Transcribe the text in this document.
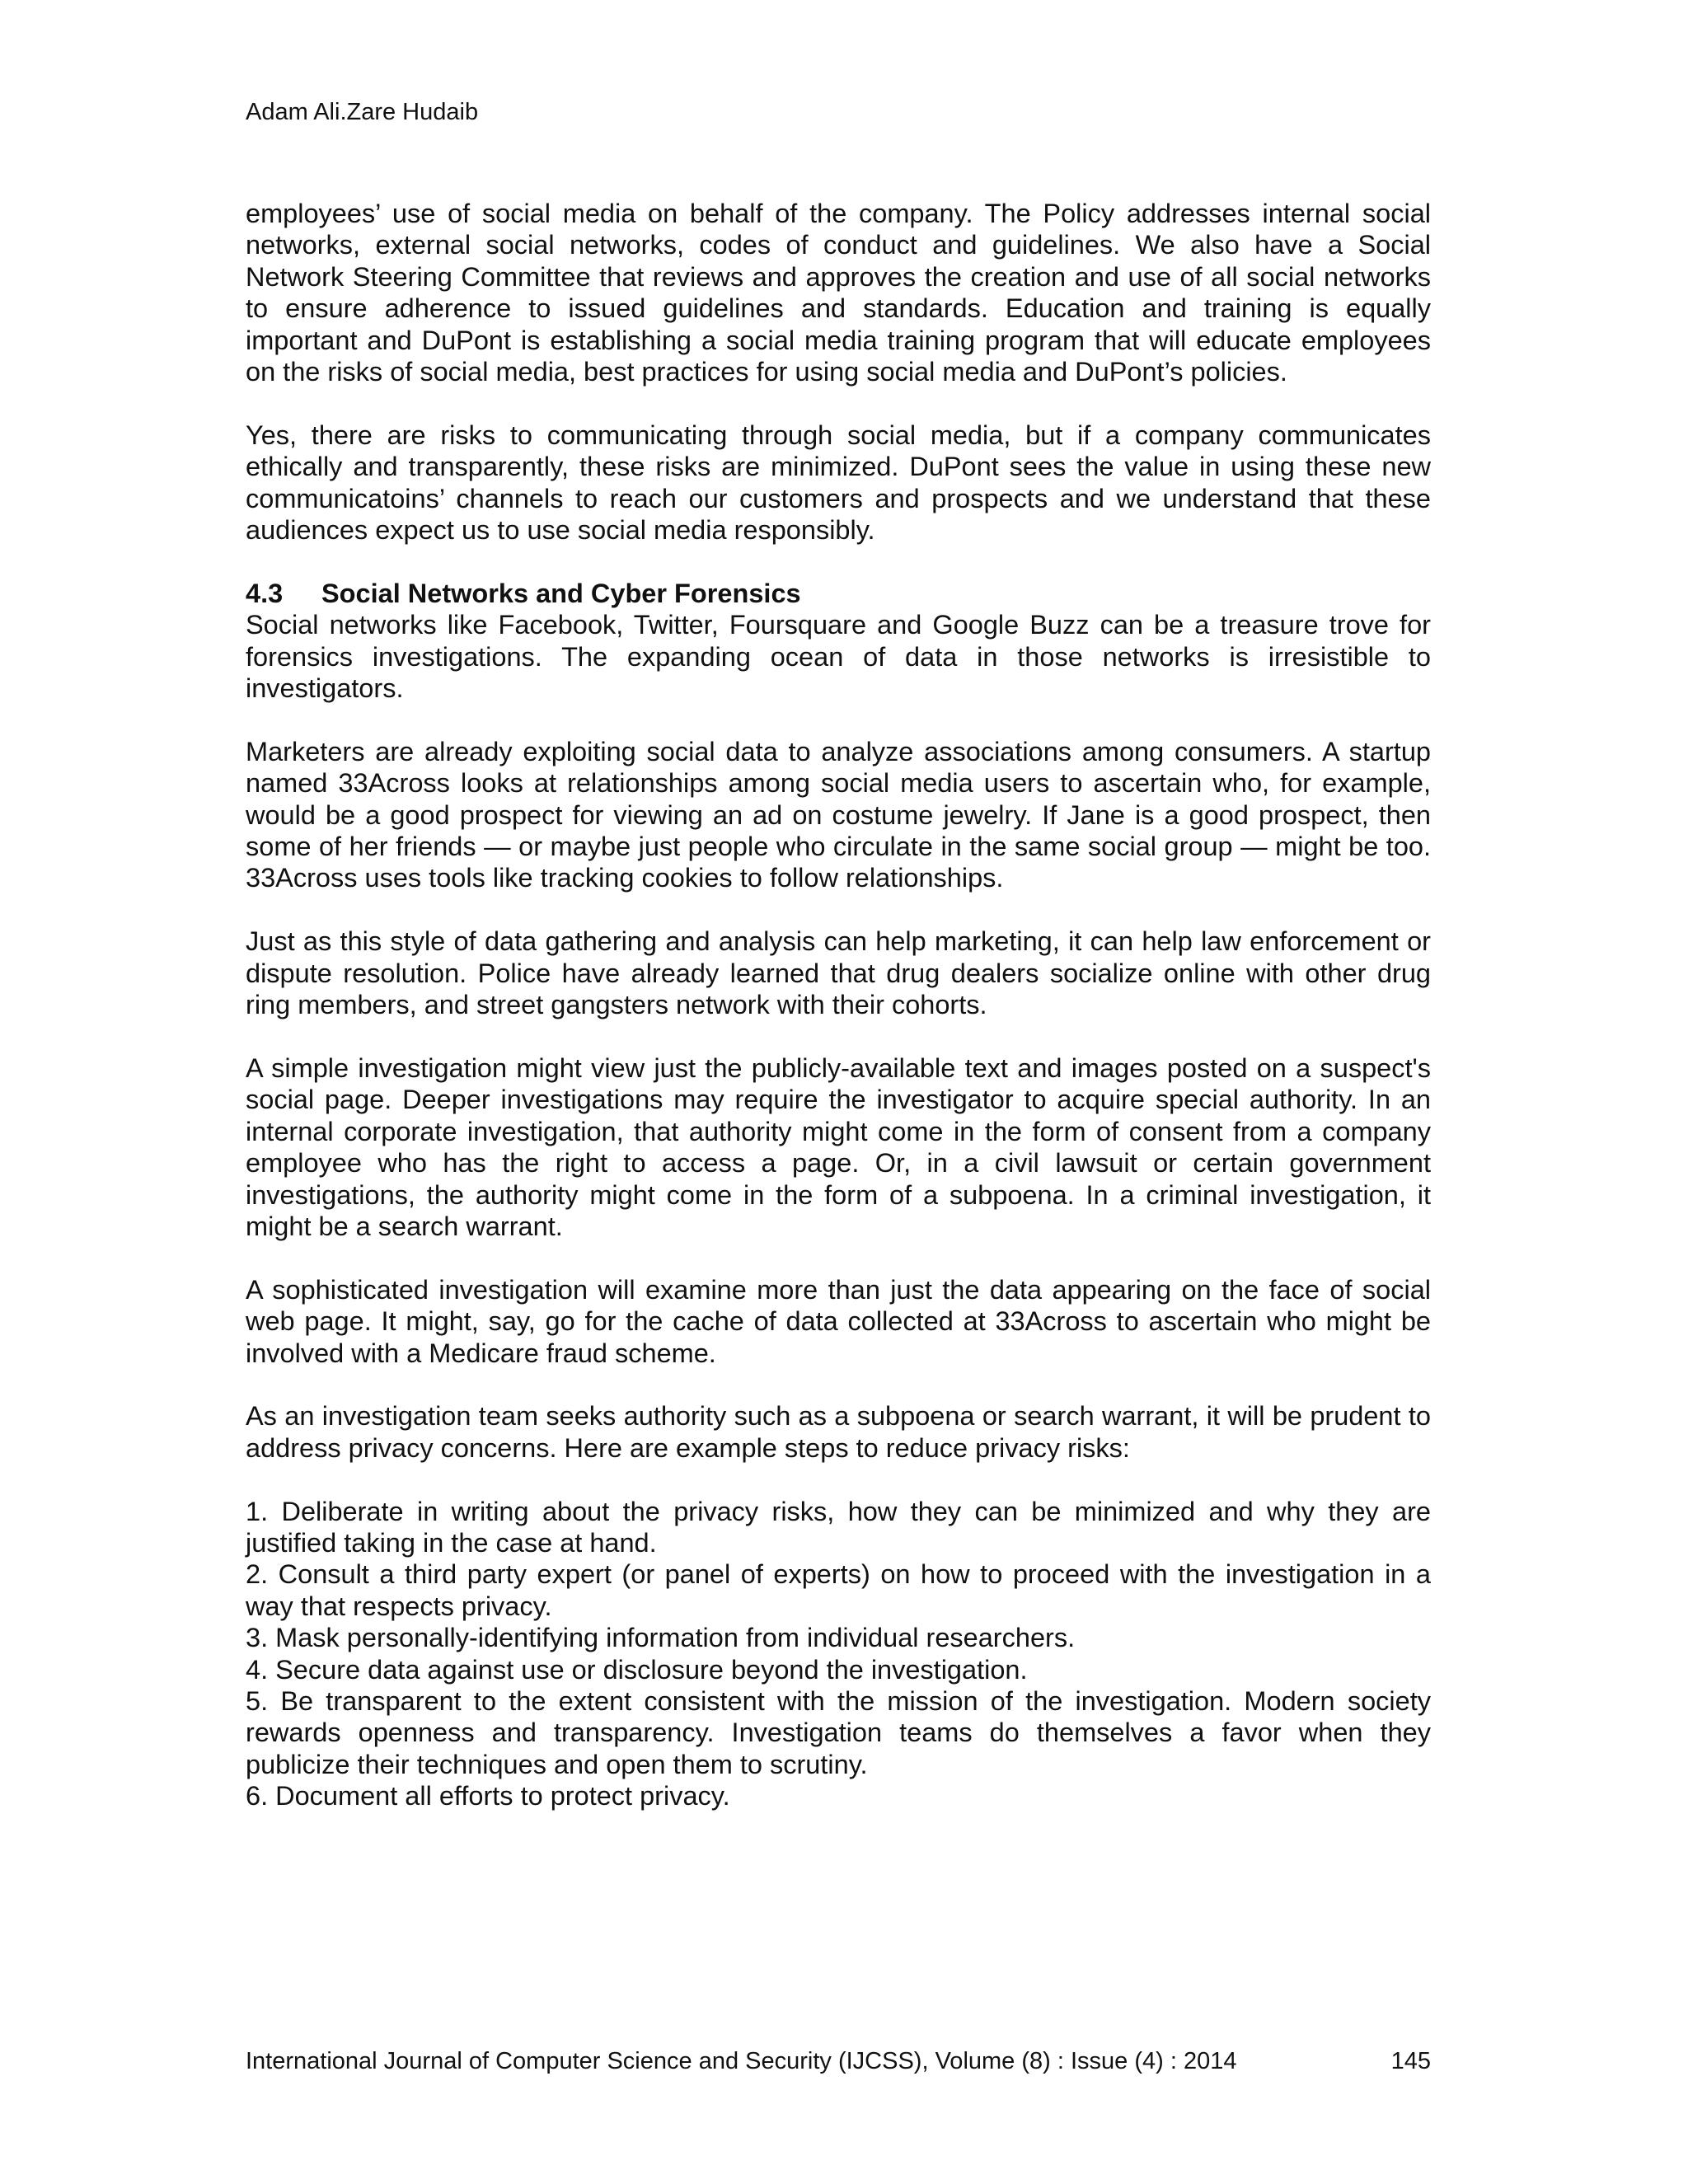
Adam Ali.Zare Hudaib

employees’ use of social media on behalf of the company. The Policy addresses internal social networks, external social networks, codes of conduct and guidelines. We also have a Social Network Steering Committee that reviews and approves the creation and use of all social networks to ensure adherence to issued guidelines and standards. Education and training is equally important and DuPont is establishing a social media training program that will educate employees on the risks of social media, best practices for using social media and DuPont’s policies.

Yes, there are risks to communicating through social media, but if a company communicates ethically and transparently, these risks are minimized. DuPont sees the value in using these new communicatoins’ channels to reach our customers and prospects and we understand that these audiences expect us to use social media responsibly.

4.3 Social Networks and Cyber Forensics

Social networks like Facebook, Twitter, Foursquare and Google Buzz can be a treasure trove for forensics investigations. The expanding ocean of data in those networks is irresistible to investigators.

Marketers are already exploiting social data to analyze associations among consumers. A startup named 33Across looks at relationships among social media users to ascertain who, for example, would be a good prospect for viewing an ad on costume jewelry. If Jane is a good prospect, then some of her friends — or maybe just people who circulate in the same social group — might be too. 33Across uses tools like tracking cookies to follow relationships.

Just as this style of data gathering and analysis can help marketing, it can help law enforcement or dispute resolution. Police have already learned that drug dealers socialize online with other drug ring members, and street gangsters network with their cohorts.

A simple investigation might view just the publicly-available text and images posted on a suspect's social page. Deeper investigations may require the investigator to acquire special authority. In an internal corporate investigation, that authority might come in the form of consent from a company employee who has the right to access a page. Or, in a civil lawsuit or certain government investigations, the authority might come in the form of a subpoena. In a criminal investigation, it might be a search warrant.

A sophisticated investigation will examine more than just the data appearing on the face of social web page. It might, say, go for the cache of data collected at 33Across to ascertain who might be involved with a Medicare fraud scheme.

As an investigation team seeks authority such as a subpoena or search warrant, it will be prudent to address privacy concerns. Here are example steps to reduce privacy risks:

1. Deliberate in writing about the privacy risks, how they can be minimized and why they are justified taking in the case at hand.
2. Consult a third party expert (or panel of experts) on how to proceed with the investigation in a way that respects privacy.
3. Mask personally-identifying information from individual researchers.
4. Secure data against use or disclosure beyond the investigation.
5. Be transparent to the extent consistent with the mission of the investigation. Modern society rewards openness and transparency. Investigation teams do themselves a favor when they publicize their techniques and open them to scrutiny.
6. Document all efforts to protect privacy.
International Journal of Computer Science and Security (IJCSS), Volume (8) : Issue (4) : 2014	145
